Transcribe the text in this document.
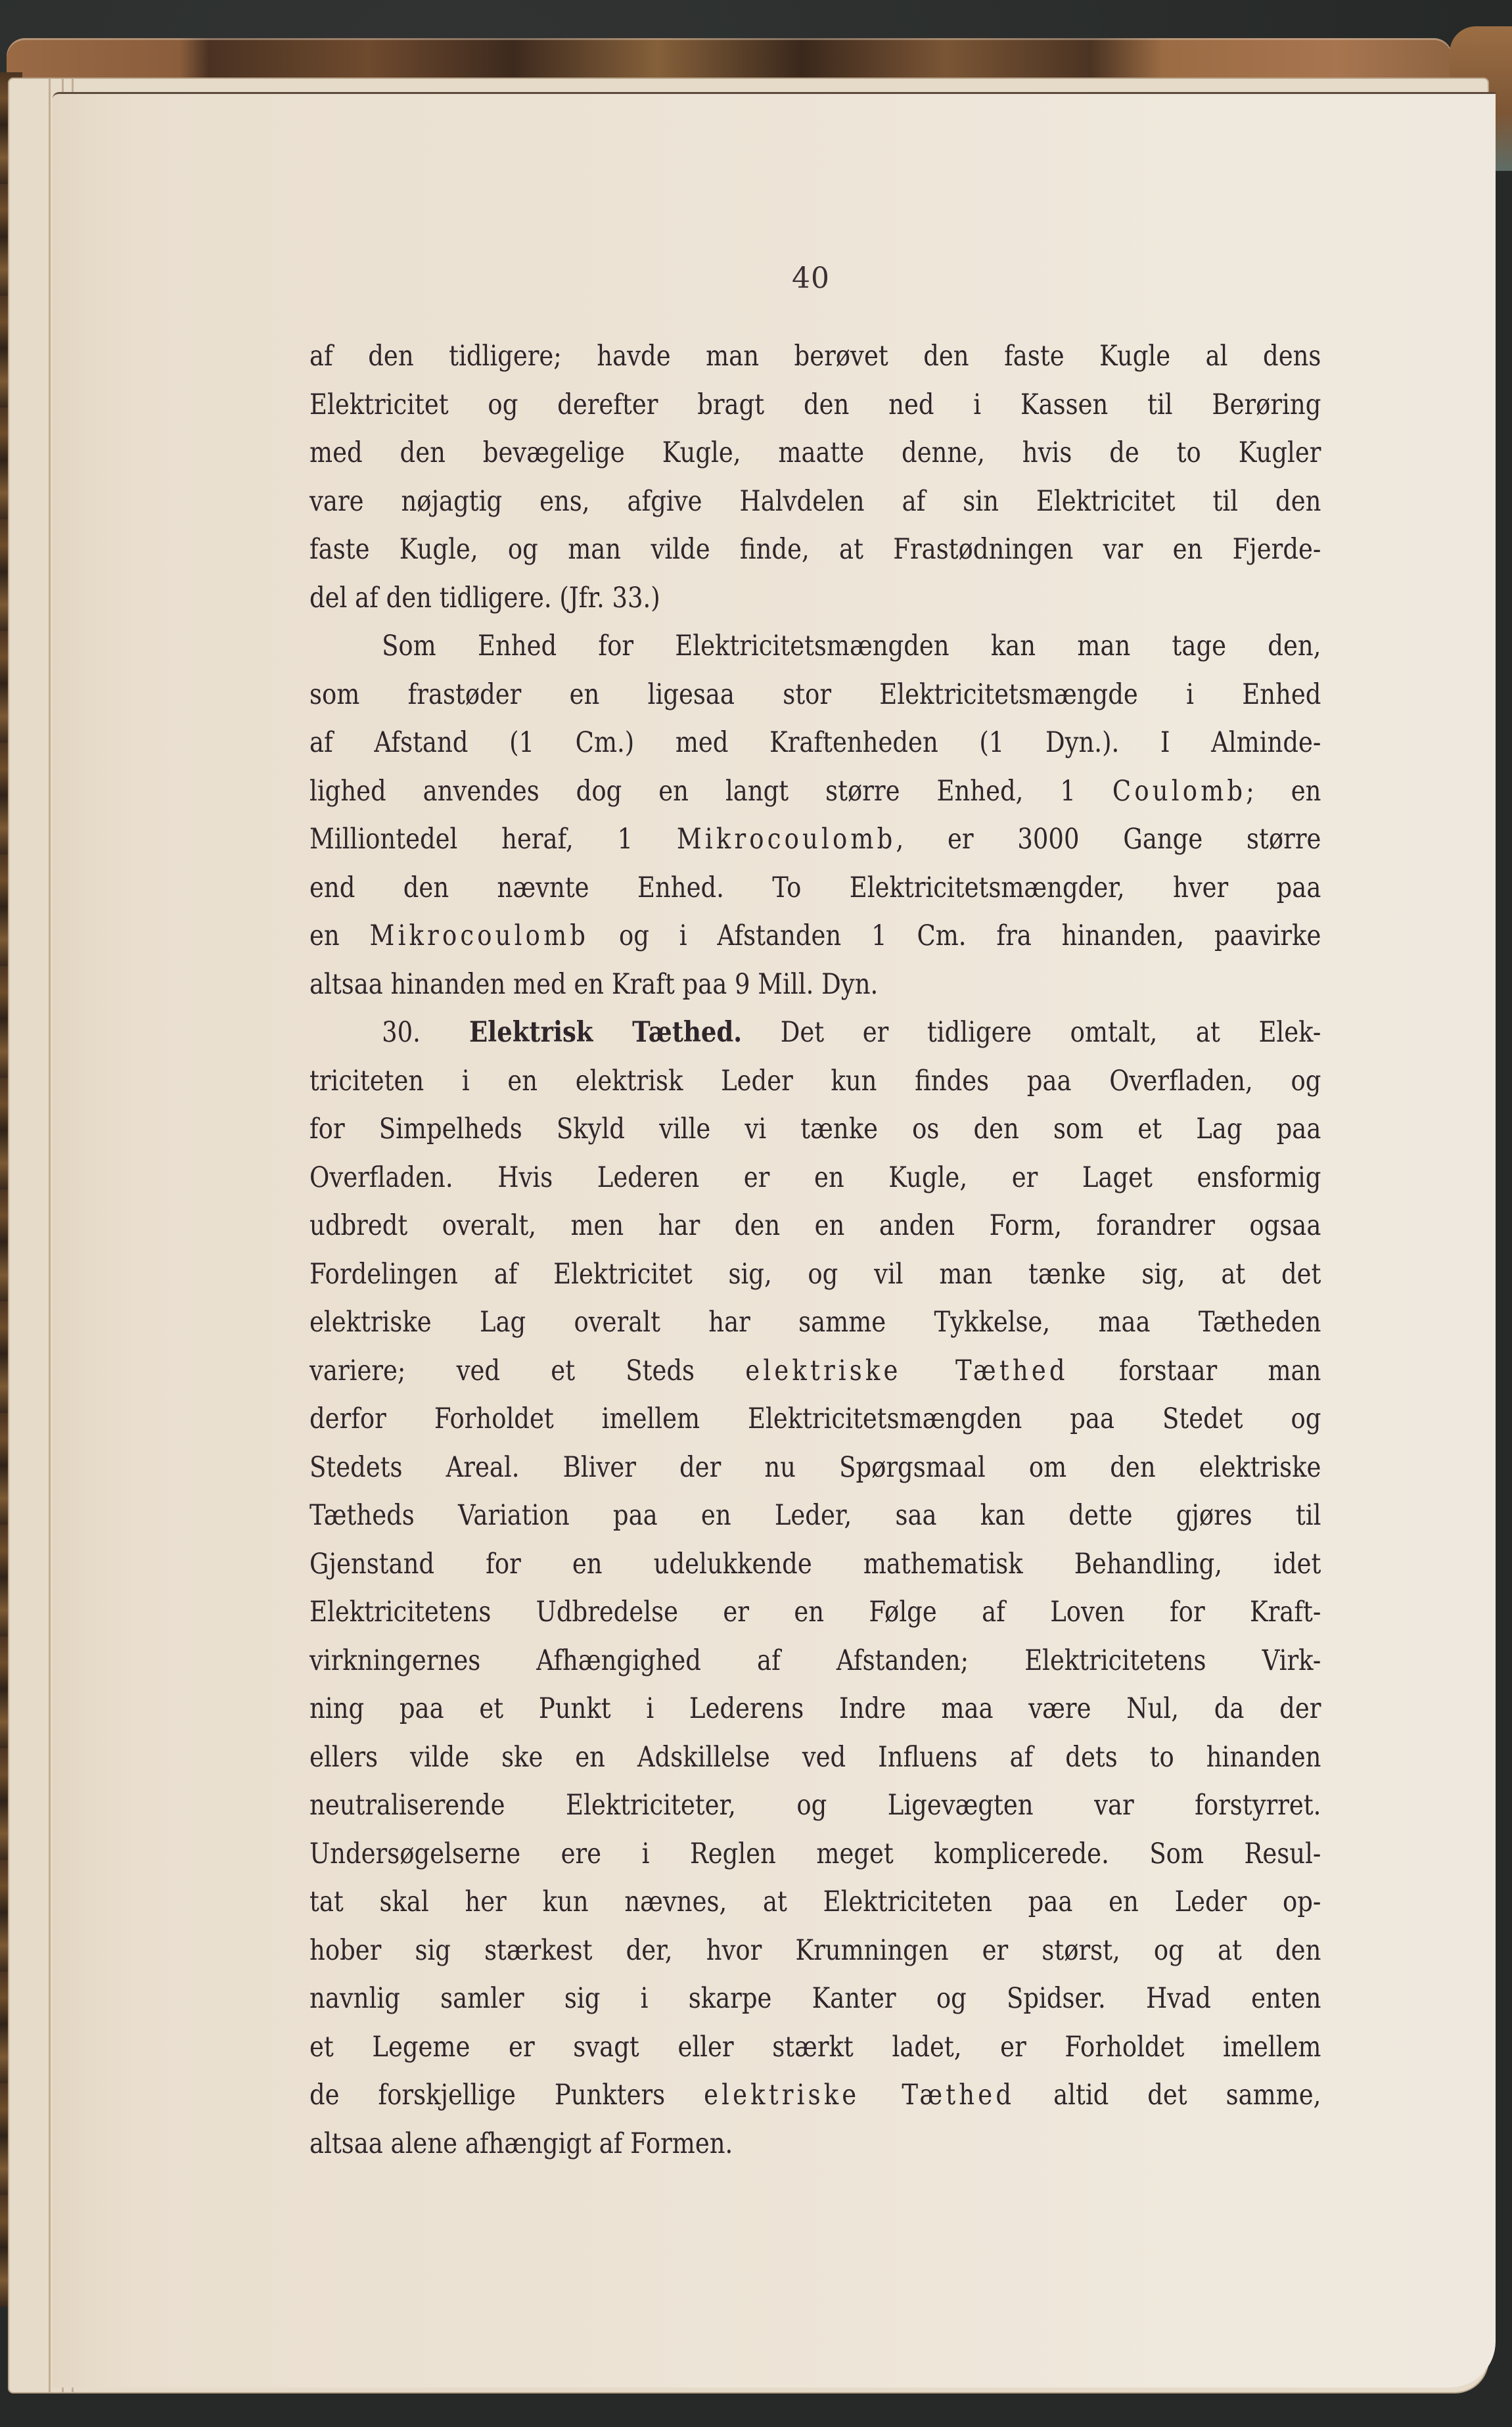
40
af den tidligere; havde man berøvet den faste Kugle al dens
Elektricitet og derefter bragt den ned i Kassen til Berøring
med den bevægelige Kugle, maatte denne, hvis de to Kugler
vare nøjagtig ens, afgive Halvdelen af sin Elektricitet til den
faste Kugle, og man vilde finde, at Frastødningen var en Fjerde-
del af den tidligere. (Jfr. 33.)
Som Enhed for Elektricitetsmængden kan man tage den,
som frastøder en ligesaa stor Elektricitetsmængde i Enhed
af Afstand (1 Cm.) med Kraftenheden (1 Dyn.). I Alminde-
lighed anvendes dog en langt større Enhed, 1 Coulomb; en
Milliontedel heraf, 1 Mikrocoulomb, er 3000 Gange større
end den nævnte Enhed. To Elektricitetsmængder, hver paa
en Mikrocoulomb og i Afstanden 1 Cm. fra hinanden, paavirke
altsaa hinanden med en Kraft paa 9 Mill. Dyn.
30. Elektrisk Tæthed. Det er tidligere omtalt, at Elek-
triciteten i en elektrisk Leder kun findes paa Overfladen, og
for Simpelheds Skyld ville vi tænke os den som et Lag paa
Overfladen. Hvis Lederen er en Kugle, er Laget ensformig
udbredt overalt, men har den en anden Form, forandrer ogsaa
Fordelingen af Elektricitet sig, og vil man tænke sig, at det
elektriske Lag overalt har samme Tykkelse, maa Tætheden
variere; ved et Steds elektriske Tæthed forstaar man
derfor Forholdet imellem Elektricitetsmængden paa Stedet og
Stedets Areal. Bliver der nu Spørgsmaal om den elektriske
Tætheds Variation paa en Leder, saa kan dette gjøres til
Gjenstand for en udelukkende mathematisk Behandling, idet
Elektricitetens Udbredelse er en Følge af Loven for Kraft-
virkningernes Afhængighed af Afstanden; Elektricitetens Virk-
ning paa et Punkt i Lederens Indre maa være Nul, da der
ellers vilde ske en Adskillelse ved Influens af dets to hinanden
neutraliserende Elektriciteter, og Ligevægten var forstyrret.
Undersøgelserne ere i Reglen meget komplicerede. Som Resul-
tat skal her kun nævnes, at Elektriciteten paa en Leder op-
hober sig stærkest der, hvor Krumningen er størst, og at den
navnlig samler sig i skarpe Kanter og Spidser. Hvad enten
et Legeme er svagt eller stærkt ladet, er Forholdet imellem
de forskjellige Punkters elektriske Tæthed altid det samme,
altsaa alene afhængigt af Formen.
